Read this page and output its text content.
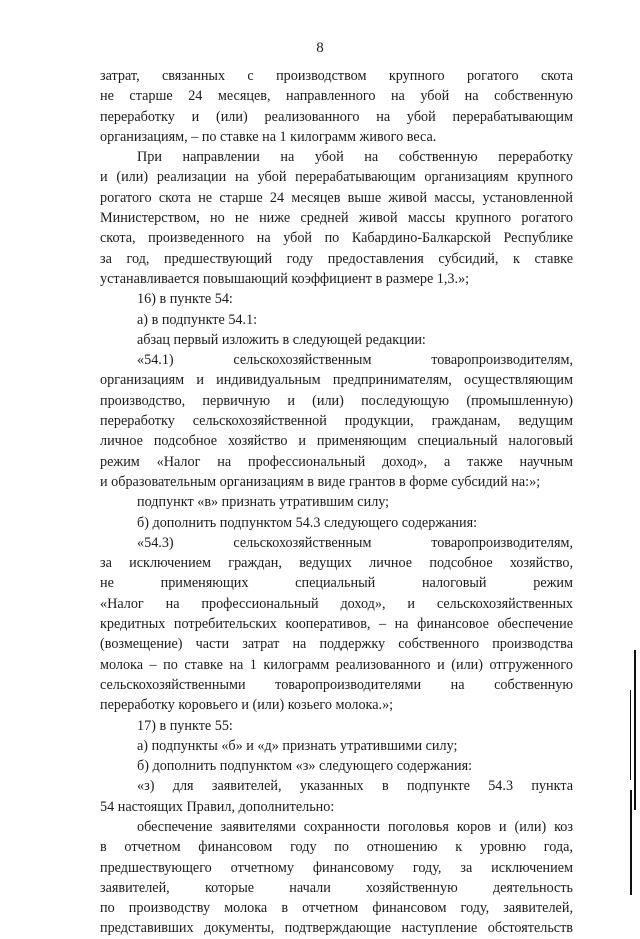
8
затрат, связанных с производством крупного рогатого скота
не старше 24 месяцев, направленного на убой на собственную
переработку и (или) реализованного на убой перерабатывающим
организациям, – по ставке на 1 килограмм живого веса.
При направлении на убой на собственную переработку
и (или) реализации на убой перерабатывающим организациям крупного
рогатого скота не старше 24 месяцев выше живой массы, установленной
Министерством, но не ниже средней живой массы крупного рогатого
скота, произведенного на убой по Кабардино-Балкарской Республике
за год, предшествующий году предоставления субсидий, к ставке
устанавливается повышающий коэффициент в размере 1,3.»;
16) в пункте 54:
а) в подпункте 54.1:
абзац первый изложить в следующей редакции:
«54.1) сельскохозяйственным товаропроизводителям,
организациям и индивидуальным предпринимателям, осуществляющим
производство, первичную и (или) последующую (промышленную)
переработку сельскохозяйственной продукции, гражданам, ведущим
личное подсобное хозяйство и применяющим специальный налоговый
режим «Налог на профессиональный доход», а также научным
и образовательным организациям в виде грантов в форме субсидий на:»;
подпункт «в» признать утратившим силу;
б) дополнить подпунктом 54.3 следующего содержания:
«54.3) сельскохозяйственным товаропроизводителям,
за исключением граждан, ведущих личное подсобное хозяйство,
не применяющих специальный налоговый режим
«Налог на профессиональный доход», и сельскохозяйственных
кредитных потребительских кооперативов, – на финансовое обеспечение
(возмещение) части затрат на поддержку собственного производства
молока – по ставке на 1 килограмм реализованного и (или) отгруженного
сельскохозяйственными товаропроизводителями на собственную
переработку коровьего и (или) козьего молока.»;
17) в пункте 55:
а) подпункты «б» и «д» признать утратившими силу;
б) дополнить подпунктом «з» следующего содержания:
«з) для заявителей, указанных в подпункте 54.3 пункта
54 настоящих Правил, дополнительно:
обеспечение заявителями сохранности поголовья коров и (или) коз
в отчетном финансовом году по отношению к уровню года,
предшествующего отчетному финансовому году, за исключением
заявителей, которые начали хозяйственную деятельность
по производству молока в отчетном финансовом году, заявителей,
представивших документы, подтверждающие наступление обстоятельств
